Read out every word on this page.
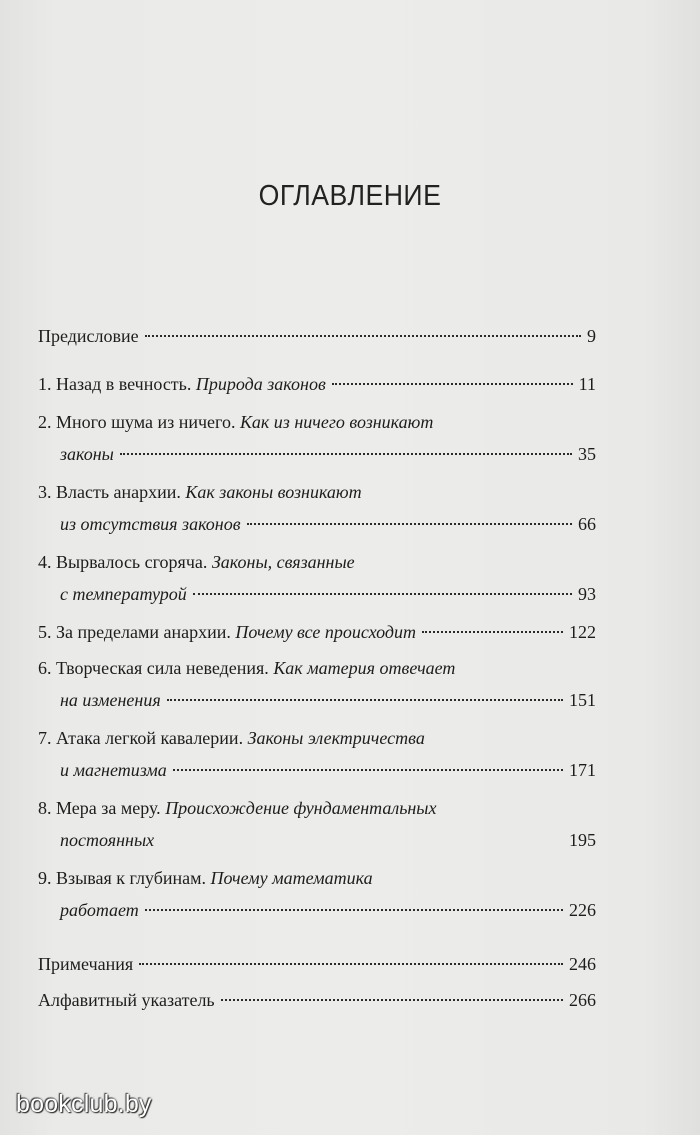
ОГЛАВЛЕНИЕ
Предисловие	9
1. Назад в вечность. Природа законов	11
2. Много шума из ничего. Как из ничего возникают
законы	35
3. Власть анархии. Как законы возникают
из отсутствия законов	66
4. Вырвалось сгоряча. Законы, связанные
с температурой	93
5. За пределами анархии. Почему все происходит	122
6. Творческая сила неведения. Как материя отвечает
на изменения	151
7. Атака легкой кавалерии. Законы электричества
и магнетизма	171
8. Мера за меру. Происхождение фундаментальных
постоянных	195
9. Взывая к глубинам. Почему математика
работает	226
Примечания	246
Алфавитный указатель	266
bookclub.by
